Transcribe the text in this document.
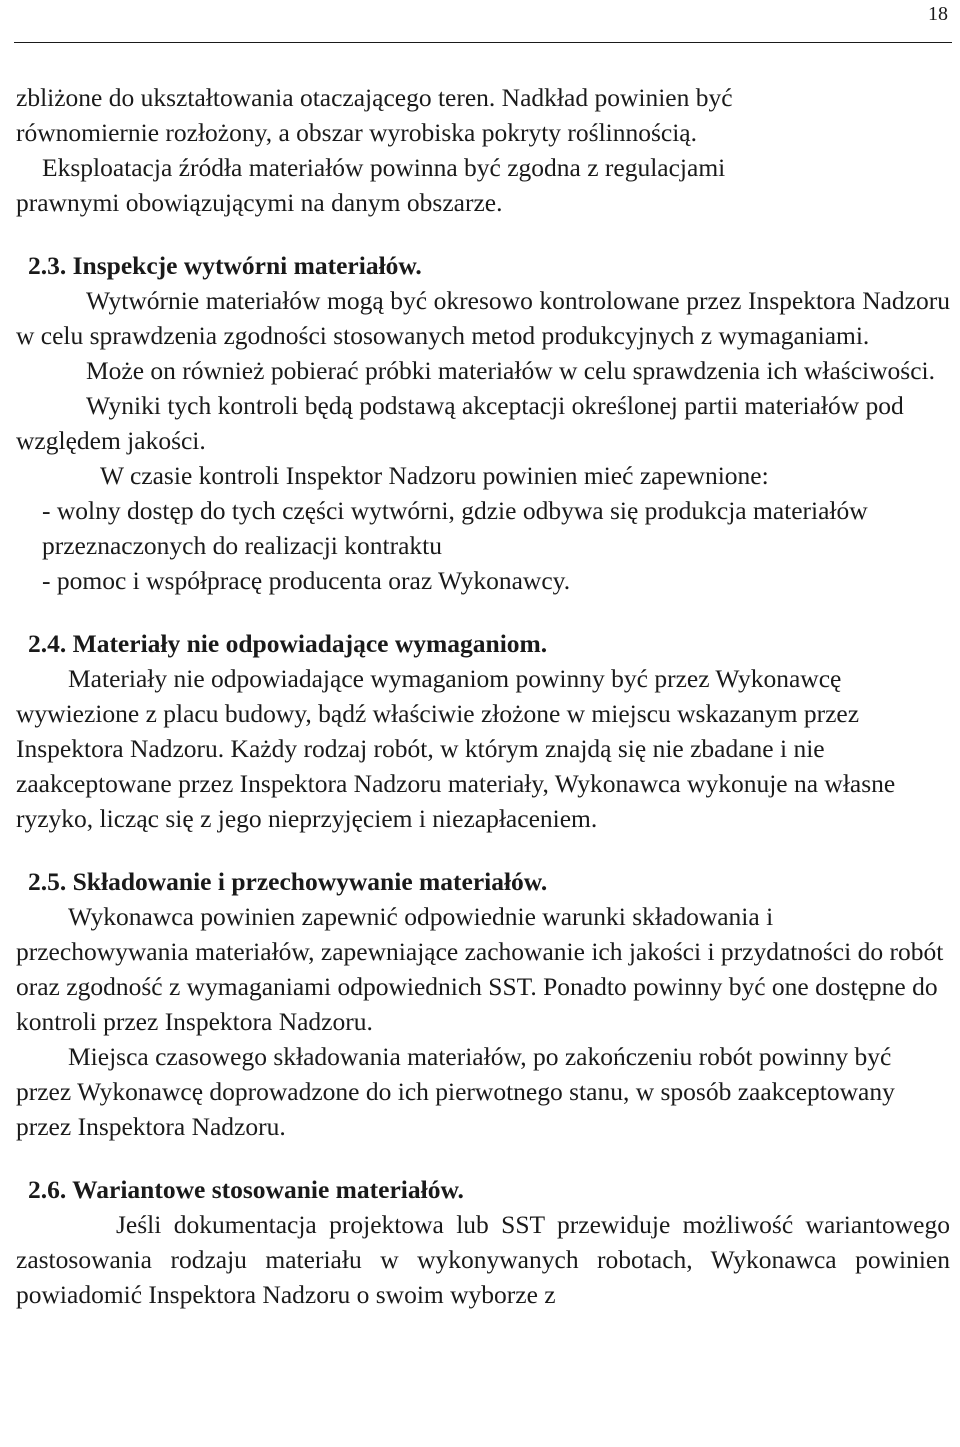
18

zbliżone do ukształtowania otaczającego teren. Nadkład powinien być

równomiernie rozłożony, a obszar wyrobiska pokryty roślinnością.

Eksploatacja źródła materiałów powinna być zgodna z regulacjami

prawnymi obowiązującymi na danym obszarze.

2.3. Inspekcje wytwórni materiałów.

Wytwórnie materiałów mogą być okresowo kontrolowane przez Inspektora Nadzoru w celu sprawdzenia zgodności stosowanych metod produkcyjnych z wymaganiami.

Może on również pobierać próbki materiałów w celu sprawdzenia ich właściwości.

Wyniki tych kontroli będą podstawą akceptacji określonej partii materiałów pod względem jakości.

W czasie kontroli Inspektor Nadzoru powinien mieć zapewnione:

- wolny dostęp do tych części wytwórni, gdzie odbywa się produkcja materiałów przeznaczonych do realizacji kontraktu

- pomoc i współpracę producenta oraz Wykonawcy.

2.4. Materiały nie odpowiadające wymaganiom.

Materiały nie odpowiadające wymaganiom powinny być przez Wykonawcę wywiezione z placu budowy, bądź właściwie złożone w miejscu wskazanym przez Inspektora Nadzoru. Każdy rodzaj robót, w którym znajdą się nie zbadane i nie zaakceptowane przez Inspektora Nadzoru materiały, Wykonawca wykonuje na własne ryzyko, licząc się z jego nieprzyjęciem i niezapłaceniem.

2.5. Składowanie i przechowywanie materiałów.

Wykonawca powinien zapewnić odpowiednie warunki składowania i przechowywania materiałów, zapewniające zachowanie ich jakości i przydatności do robót oraz zgodność z wymaganiami odpowiednich SST. Ponadto powinny być one dostępne do kontroli przez Inspektora Nadzoru.

Miejsca czasowego składowania materiałów, po zakończeniu robót powinny być przez Wykonawcę doprowadzone do ich pierwotnego stanu, w sposób zaakceptowany przez Inspektora Nadzoru.

2.6. Wariantowe stosowanie materiałów.

Jeśli dokumentacja projektowa lub SST przewiduje możliwość wariantowego zastosowania rodzaju materiału w wykonywanych robotach, Wykonawca powinien powiadomić Inspektora Nadzoru o swoim wyborze z
